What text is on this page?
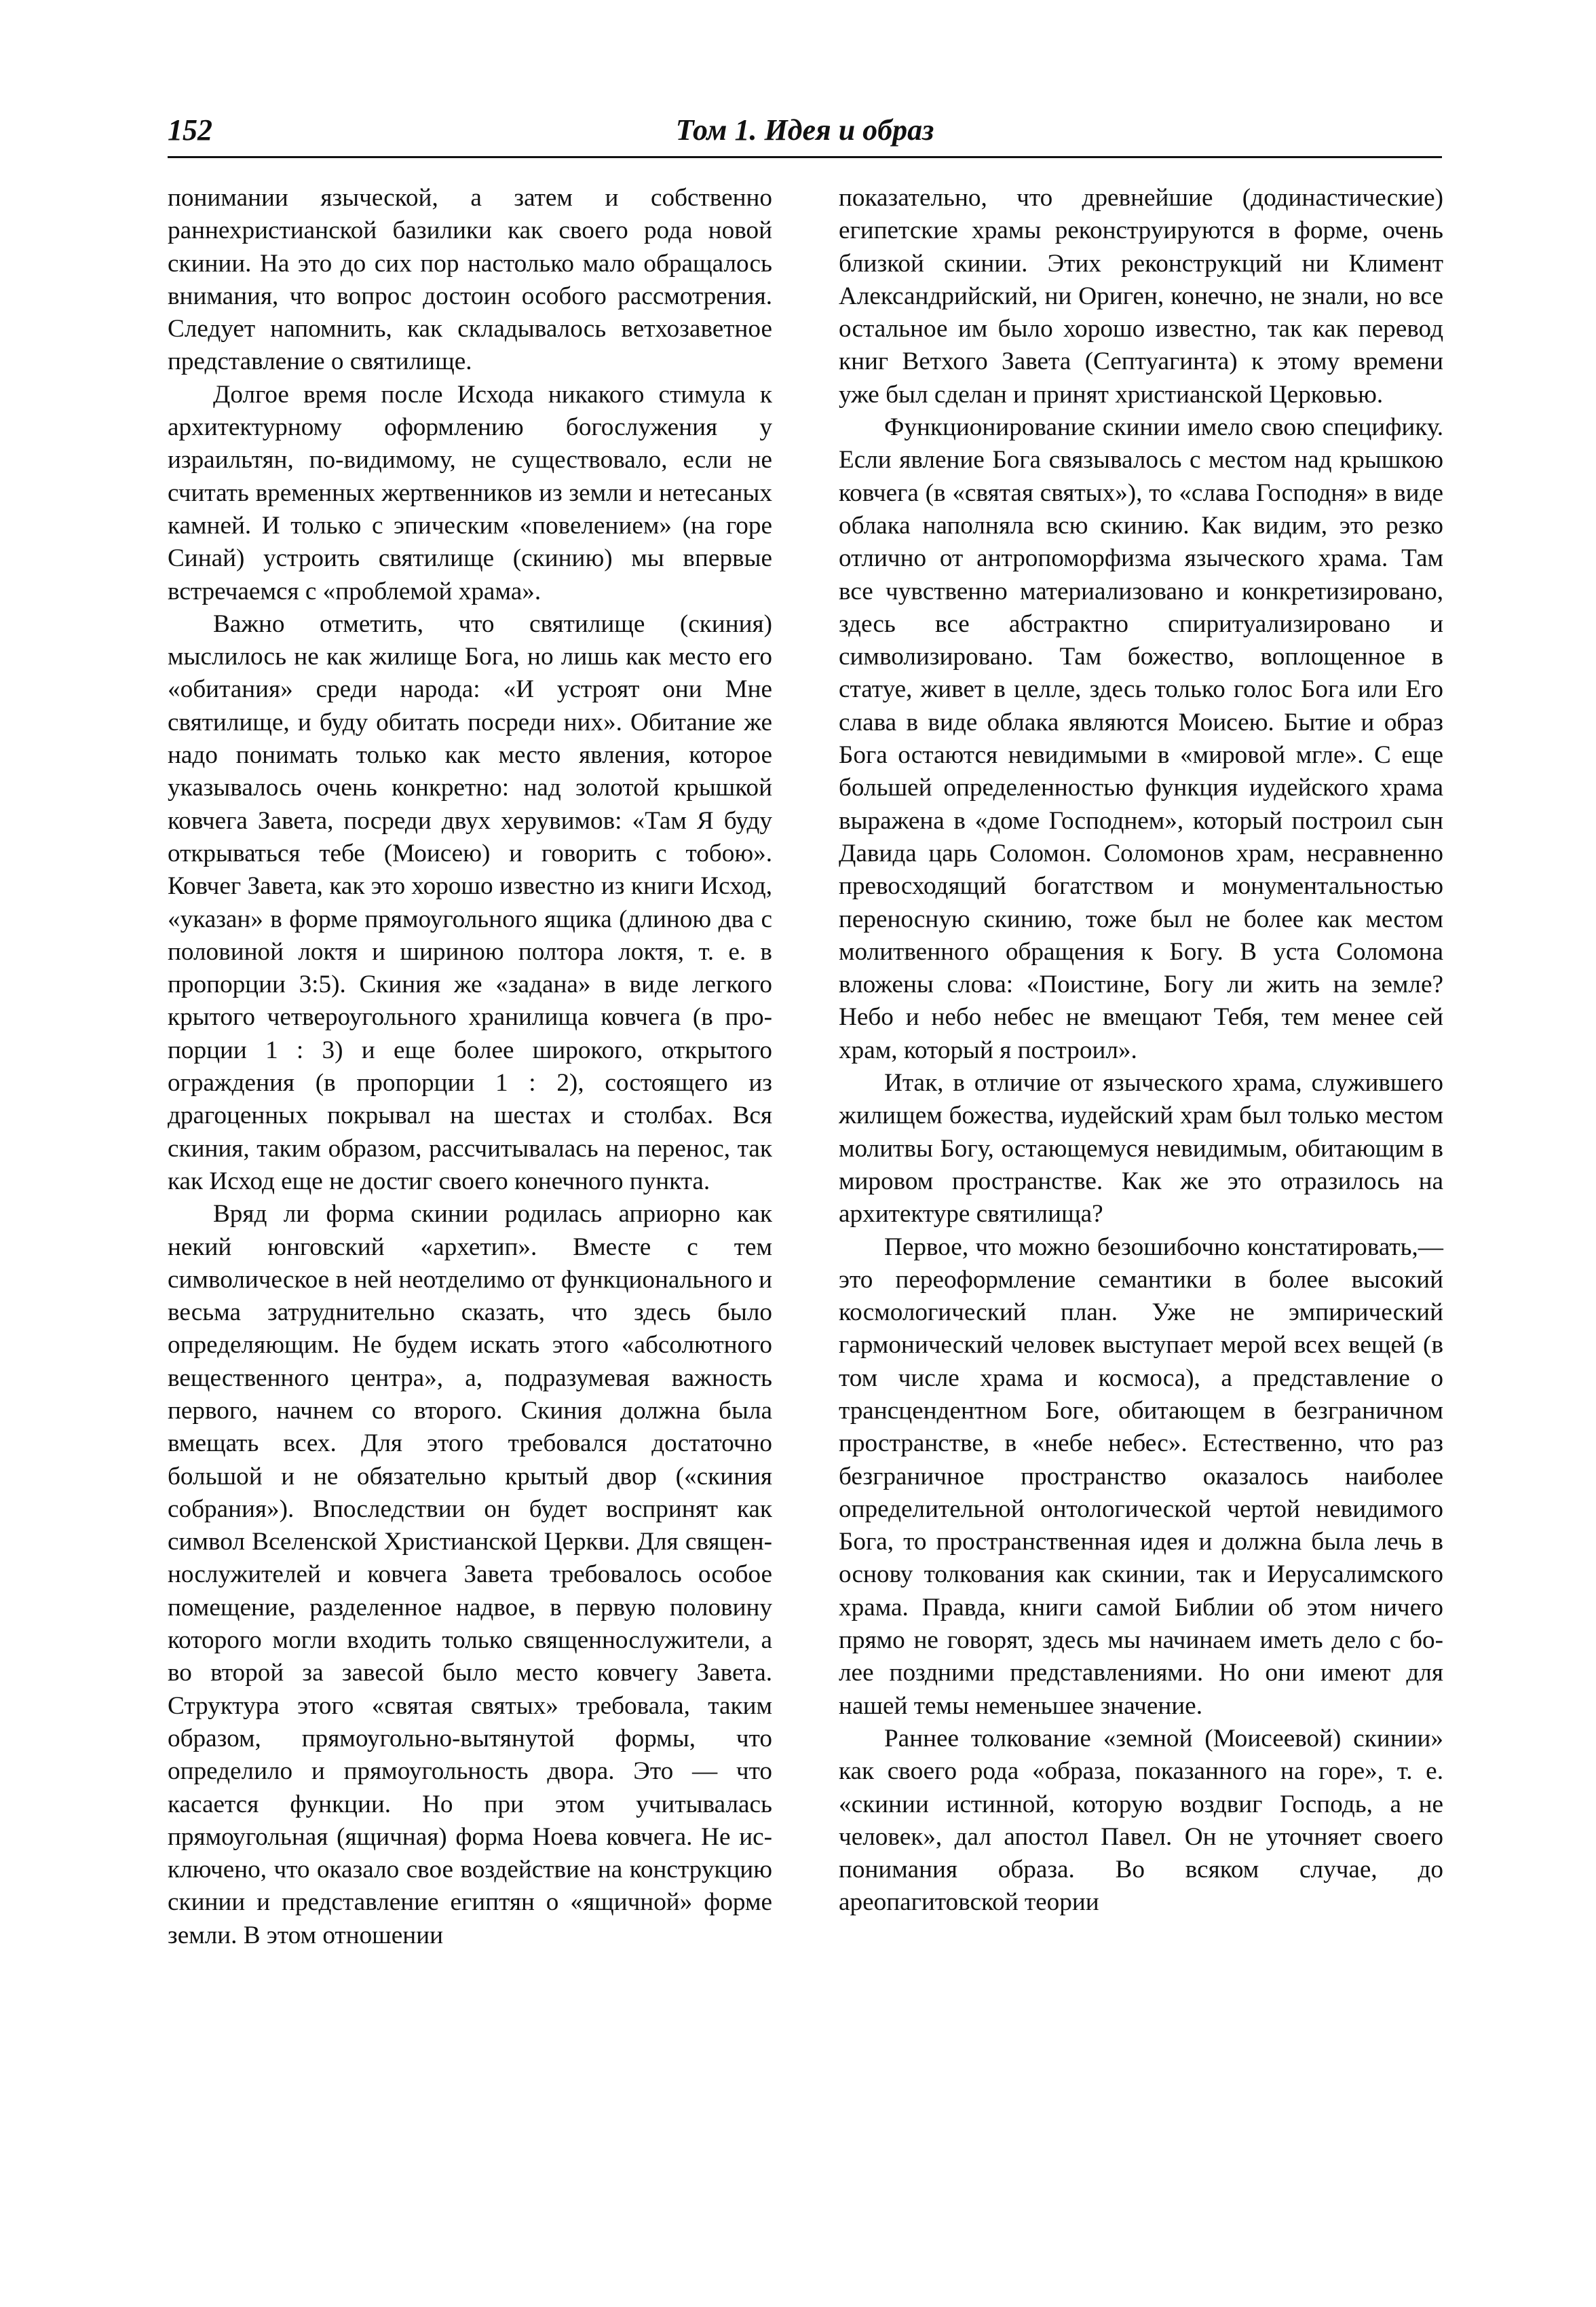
152	Том 1. Идея и образ

понимании языческой, а затем и собственно раннехристианской базилики как своего рода новой скинии. На это до сих пор настолько мало обращалось внимания, что вопрос достоин особого рассмотрения. Следует напомнить, как складывалось ветхозаветное представление о святилище.

Долгое время после Исхода никакого стимула к архитектурному оформлению богослужения у израильтян, по-видимому, не существовало, если не считать временных жертвенников из земли и нетесаных камней. И только с эпическим «повелением» (на горе Синай) устроить святилище (скинию) мы впервые встречаемся с «проблемой храма».

Важно отметить, что святилище (скиния) мыслилось не как жилище Бога, но лишь как место его «обитания» среди народа: «И устроят они Мне святилище, и буду обитать посреди них». Обитание же надо понимать только как место явления, которое указывалось очень конкретно: над золотой крышкой ковчега Завета, посреди двух херувимов: «Там Я буду открываться тебе (Моисею) и говорить с тобою». Ковчег Завета, как это хорошо известно из книги Исход, «указан» в форме прямоугольного ящика (длиною два с половиной локтя и шириною полтора локтя, т. е. в пропорции 3:5). Скиния же «задана» в виде легкого крытого четвероугольного хранилища ковчега (в пропорции 1 : 3) и еще более широкого, открытого ограждения (в пропорции 1 : 2), состоящего из драгоценных покрывал на шестах и столбах. Вся скиния, таким образом, рассчитывалась на перенос, так как Исход еще не достиг своего конечного пункта.

Вряд ли форма скинии родилась априорно как некий юнговский «архетип». Вместе с тем символическое в ней неотделимо от функционального и весьма затруднительно сказать, что здесь было определяющим. Не будем искать этого «абсолютного вещественного центра», а, подразумевая важность первого, начнем со второго. Скиния должна была вмещать всех. Для этого требовался достаточно большой и не обязательно крытый двор («скиния собрания»). Впоследствии он будет воспринят как символ Вселенской Христианской Церкви. Для священнослужителей и ковчега Завета требовалось особое помещение, разделенное надвое, в первую половину которого могли входить только священнослужители, а во второй за завесой было место ковчегу Завета. Структура этого «святая святых» требовала, таким образом, прямоугольно-вытянутой формы, что определило и прямоугольность двора. Это — что касается функции. Но при этом учитывалась прямоугольная (ящичная) форма Ноева ковчега. Не исключено, что оказало свое воздействие на конструкцию скинии и представление египтян о «ящичной» форме земли. В этом отношении

показательно, что древнейшие (додинастические) египетские храмы реконструируются в форме, очень близкой скинии. Этих реконструкций ни Климент Александрийский, ни Ориген, конечно, не знали, но все остальное им было хорошо известно, так как перевод книг Ветхого Завета (Септуагинта) к этому времени уже был сделан и принят христианской Церковью.

Функционирование скинии имело свою специфику. Если явление Бога связывалось с местом над крышкою ковчега (в «святая святых»), то «слава Господня» в виде облака наполняла всю скинию. Как видим, это резко отлично от антропоморфизма языческого храма. Там все чувственно материализовано и конкретизировано, здесь все абстрактно спиритуализировано и символизировано. Там божество, воплощенное в статуе, живет в целле, здесь только голос Бога или Его слава в виде облака являются Моисею. Бытие и образ Бога остаются невидимыми в «мировой мгле». С еще большей определенностью функция иудейского храма выражена в «доме Господнем», который построил сын Давида царь Соломон. Соломонов храм, несравненно превосходящий богатством и монументальностью переносную скинию, тоже был не более как местом молитвенного обращения к Богу. В уста Соломона вложены слова: «Поистине, Богу ли жить на земле? Небо и небо небес не вмещают Тебя, тем менее сей храм, который я построил».

Итак, в отличие от языческого храма, служившего жилищем божества, иудейский храм был только местом молитвы Богу, остающемуся невидимым, обитающим в мировом пространстве. Как же это отразилось на архитектуре святилища?

Первое, что можно безошибочно констатировать,— это переоформление семантики в более высокий космологический план. Уже не эмпирический гармонический человек выступает мерой всех вещей (в том числе храма и космоса), а представление о трансцендентном Боге, обитающем в безграничном пространстве, в «небе небес». Естественно, что раз безграничное пространство оказалось наиболее определительной онтологической чертой невидимого Бога, то пространственная идея и должна была лечь в основу толкования как скинии, так и Иерусалимского храма. Правда, книги самой Библии об этом ничего прямо не говорят, здесь мы начинаем иметь дело с более поздними представлениями. Но они имеют для нашей темы неменьшее значение.

Раннее толкование «земной (Моисеевой) скинии» как своего рода «образа, показанного на горе», т. е. «скинии истинной, которую воздвиг Господь, а не человек», дал апостол Павел. Он не уточняет своего понимания образа. Во всяком случае, до ареопагитовской теории
